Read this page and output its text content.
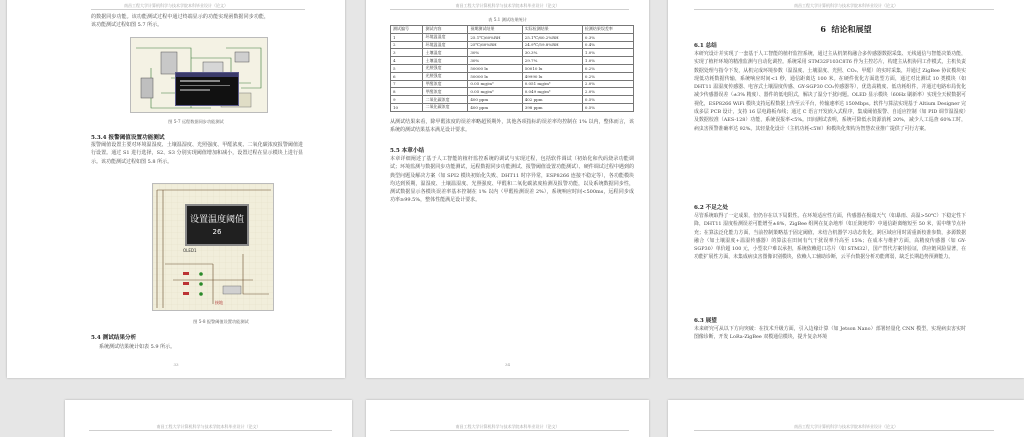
南昌工程大学计算机科学与技术学院本科毕业设计（论文）
的数据同步功能。该功能测试过程中通过终端显示的功能实现函数据同步功能，该功能测试过程如图 5.7 所示。
图 5-7 远程数据同步功能测试
5.3.4 报警阈值设置功能测试
报警阈值设置主要对环境温湿度、土壤温湿度、光照强度、甲醛浓度、二氧化碳浓度报警阈值进行设置。通过 S1 进行选择，S2、S3 分别实现阈值增加和减小，设置过程在显示模块上进行显示。该功能测试过程如图 5.8 所示。
设置温度阈值
26
OLED1
接地
图 5-8 报警阈值设置功能测试
5.4 测试结果分析
系统测试结果统计如表 5.9 所示。
33
南昌工程大学计算机科学与技术学院本科毕业设计（论文）
表 5.1 测试结果统计
测试编号	测试内容	预期测试结果	实际检测结果	检测结果误差率
1	环境温湿度	25.1℃/60%RH	25.1℃/60.2%RH	0.3%
2	环境温湿度	25℃/60%RH	24.9℃/59.8%RH	0.4%
3	土壤湿度	30%	30.3%	1.0%
4	土壤湿度	30%	29.7%	1.0%
5	光照强度	50000 lx	50010 lx	0.2%
6	光照强度	50000 lx	49990 lx	0.2%
7	甲醛浓度	0.05 mg/m³	0.051 mg/m³	2.0%
8	甲醛浓度	0.05 mg/m³	0.049 mg/m³	2.0%
9	二氧化碳浓度	400 ppm	402 ppm	0.5%
10	二氧化碳浓度	400 ppm	398 ppm	0.5%
从测试结果来看，除甲醛浓度的误差率略超预期外，其他各项指标的误差率均控制在 1% 以内，整体而言，该系统的测试结果基本满足设计要求。
5.5 本章小结
本章详细阐述了基于人工智能的植杆监控系统的调试与实现过程，包括软件调试（初始化和代码烧录功能调试；环境监测与数据同步功能测试，远程数据同步功能测试、报警阈值设置功能测试）、硬件调试过程中遇到的典型问题及解决方案（如 SPI2 模块初始化失败、DHT11 时序异常，ESP8266 连接不稳定等），各功能模块均达到预期，温湿度、土壤温湿度、光照强度、甲醛和二氧化碳浓度检测及报警功能，以及系统数据同步性，测试数据显示各模块误差率基本控制在 1% 以内（甲醛检测误差 2%），系统响应时间<500ms，远程同步成功率≥99.5%，整体性能满足设计要求。
34
南昌工程大学计算机科学与技术学院本科毕业设计（论文）
6  结论和展望
6.1 总结
本研究设计并实现了一套基于人工智能的植杆监控系统，通过主从机架构融合多传感器数据采集、无线通信与智能决策功能，实现了植杆环境的精准监测与自动化调控。系统采用 STM32F103C8T6 作为主控芯片，构建主从机协同工作模式，主机负责数据处理与指令下发，从机完成环境参数（温湿度、土壤湿度、光照、CO₂、甲醛）的实时采集，并通过 ZigBee 协议模块实现低功耗数据传输，系统响应时间<1 秒，通信距离达 100 米。在硬件优化方面选型方面，通过对比测试 10 类模块（如 DHT11 温湿度传感器、电容式土壤湿度传感、GY-SGP30 CO₂传感器等），优选高精度、低功耗组件，并通过电路布局优化减少传感器误差（±3% 精度）、器件的低电阻式，解决了温分干扰问题。OLED 显示模块（60Hz 刷新率）实现全天候数据可视化，ESP8266 WiFi 模块支持远程数据上传至云平台，传输速率达 150Mbps。软件与算法实现基于 Altium Designer 完成多层 PCB 设计，支持 16 层电路板布线；通过 C 语言开发嵌入式程序，集成阈值报警、自适应控制（如 PID 调节温湿度）及数据校准（AES-128）功能，系统误报率<5%。田间测试表明，系统可降低水资源消耗 20%，减少人工巡查 60%工时，病虫害预警准确率达 92%。其轻量化设计（主机功耗<5W）和模块化架构为智慧农业推广提供了可行方案。
6.2 不足之处
尽管系统取得了一定成果，但仍存在以下局限性。在环境适应性方面，传感器在极端天气（如暴雨、高温>50℃）下稳定性下降，DHT11 湿度检测误差可能增至±8%，ZigBee 组网在复杂地形（如丘陵地带）中通信距离缩短至 50 米，需中继节点补充；在算法泛化能力方面，当前控制策略基于固定阈值，未结合机器学习动态优化，跨区域应用时需重新校准参数，多源数据融合（如土壤湿度+温湿传感器）的算法在田间有气干扰误率升高至 15%；在成本与维护方面，高精度传感器（如 GY-SGP30）单价超 100 元，小型农户难以承担，系统依赖进口芯片（如 STM32），国产替代方案待验证，供应链风险显著，在功能扩展性方面，未集成病虫害图像识别模块，依赖人工辅助诊断，云平台数据分析功能薄弱，缺乏长期趋势预测能力。
6.3 展望
未来研究可从以下方向突破：在技术升级方面，引入边缘计算（如 Jetson Nano）部署轻量化 CNN 模型，实现病虫害实时图像诊断，开发 LoRa-ZigBee 双模通信模块，提升复杂环境
南昌工程大学计算机科学与技术学院本科毕业设计（论文）	南昌工程大学计算机科学与技术学院本科毕业设计（论文）	南昌工程大学计算机科学与技术学院本科毕业设计（论文）
